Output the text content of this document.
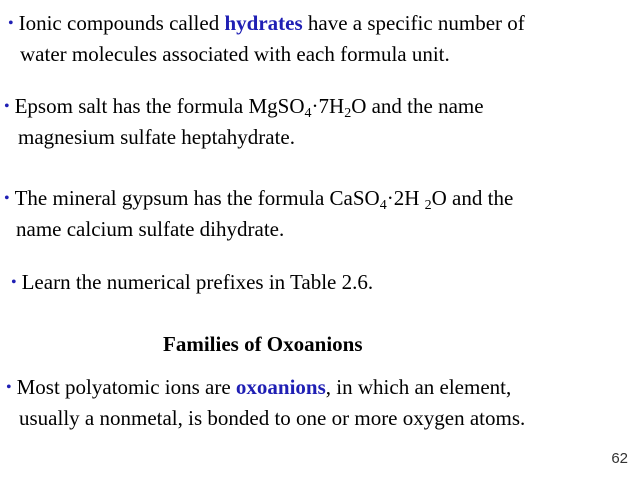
• Ionic compounds called hydrates have a specific number of
water molecules associated with each formula unit.
• Epsom salt has the formula $MgSO_4\cdot 7H_2O$ and the name
magnesium sulfate heptahydrate.
• The mineral gypsum has the formula CaSO$_4$·2H $_2$O and the
name calcium sulfate dihydrate.
• Learn the numerical prefixes in Table 2.6.
Families of Oxoanions
• Most polyatomic ions are oxoanions, in which an element,
usually a nonmetal, is bonded to one or more oxygen atoms.
62
